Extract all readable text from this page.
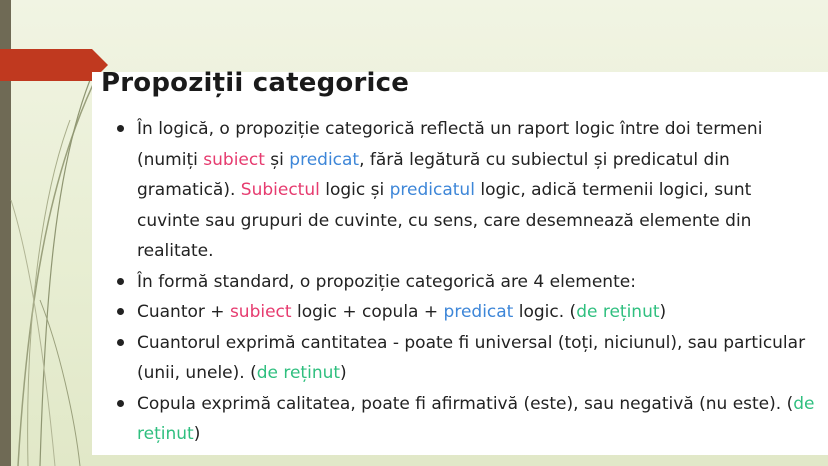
Propoziții categorice
În logică, o propoziție categorică reflectă un raport logic între doi termeni (numiți subiect și predicat, fără legătură cu subiectul și predicatul din gramatică). Subiectul logic și predicatul logic, adică termenii logici, sunt cuvinte sau grupuri de cuvinte, cu sens, care desemnează elemente din realitate.
În formă standard, o propoziție categorică are 4 elemente:
Cuantor + subiect logic + copula + predicat logic. (de reținut)
Cuantorul exprimă cantitatea - poate fi universal (toți, niciunul), sau particular (unii, unele). (de reținut)
Copula exprimă calitatea, poate fi afirmativă (este), sau negativă (nu este). (de reținut)
